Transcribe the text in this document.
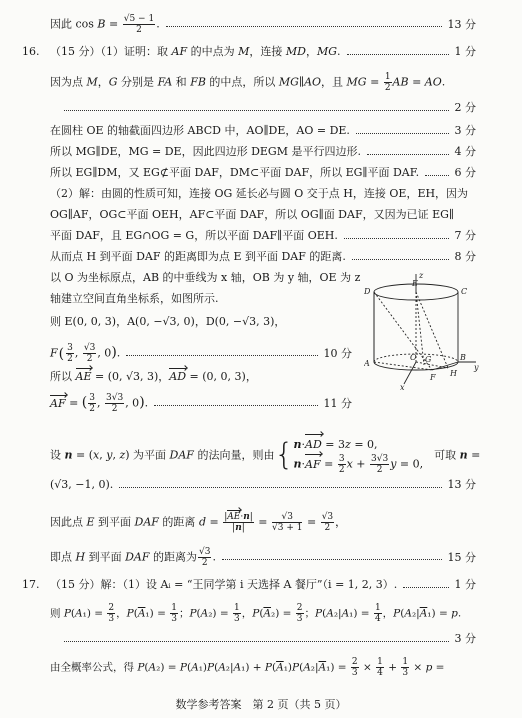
因此 $\cos B = \frac{√5 - 1}{2}$ .	13 分
16. （15 分）（1）证明：取 AF 的中点为 M，连接 MD，MG.	1 分
因为点 M，G 分别是 FA 和 FB 的中点，所以 MG∥AO，且 MG = $\frac{1}{2}$ AB = AO.
2 分
在圆柱 OE 的轴截面四边形 ABCD 中，AO∥DE，AO = DE.	3 分
所以 MG∥DE，MG = DE，因此四边形 DEGM 是平行四边形.	4 分
所以 EG∥DM，又 EG⊄平面 DAF，DM⊂平面 DAF，所以 EG∥平面 DAF.	6 分
（2）解：由圆的性质可知，连接 OG 延长必与圆 O 交于点 H，连接 OE，EH，因为
OG∥AF，OG⊂平面 OEH，AF⊂平面 DAF，所以 OG∥面 DAF，又因为已证 EG∥
平面 DAF，且 EG∩OG = G，所以平面 DAF∥平面 OEH.	7 分
从而点 H 到平面 DAF 的距离即为点 E 到平面 DAF 的距离.	8 分
以 O 为坐标原点，AB 的中垂线为 x 轴，OB 为 y 轴，OE 为 z
轴建立空间直角坐标系，如图所示.
则 E(0, 0, 3)，A(0, −√3, 0)，D(0, −√3, 3)，
$F( \frac{3}{2}$ , $\frac{√3}{2}$ , 0).	10 分
所以 AE = (0, √3, 3)，AD = (0, 0, 3)，
AF = ( $\frac{3}{2}$ , $\frac{3√3}{2}$ , 0).	11 分
设 n = (x, y, z) 为平面 DAF 的法向量，则由{ n·AD = 3z = 0,
$n\cdot AF = \frac{3}{2}$ $x + \frac{3√3}{2}$ y = 0,
　可取 n =
(√3, −1, 0).	13 分
因此点 E 到平面 DAF 的距离 $d = \frac{|AE\cdot n|}{|n|} = \frac{√3}{√3 + 1} = \frac{√3}{2}$ ，
即点 H 到平面 DAF 的距离为 $\frac{√3}{2}$ .	15 分
17. （15 分）解：（1）设 Aᵢ = “王同学第 i 天选择 A 餐厅”（i = 1, 2, 3）.	1 分
则 $P(A_1) = \frac{2}{3}$ ，$P(\overline{A}_1) = \frac{1}{3}$ ；$P(A_2) = \frac{1}{3}$ ，$P(\overline{A}_2) = \frac{2}{3}$ ；$P(A_2|A_1) = \frac{1}{4}$ ，$P(A_2|\overline{A}_1) = p$.
3 分
由全概率公式，得 $P(A_2) = P(A_1)P(A_2|A_1) + P(\overline{A}_1)P(A_2|\overline{A}_1) = \frac{2}{3} \times \frac{1}{4} + \frac{1}{3} \times p$ =
z
D
E
C
A
O G	B
y
F H
x
数学参考答案　第 2 页（共 5 页）
